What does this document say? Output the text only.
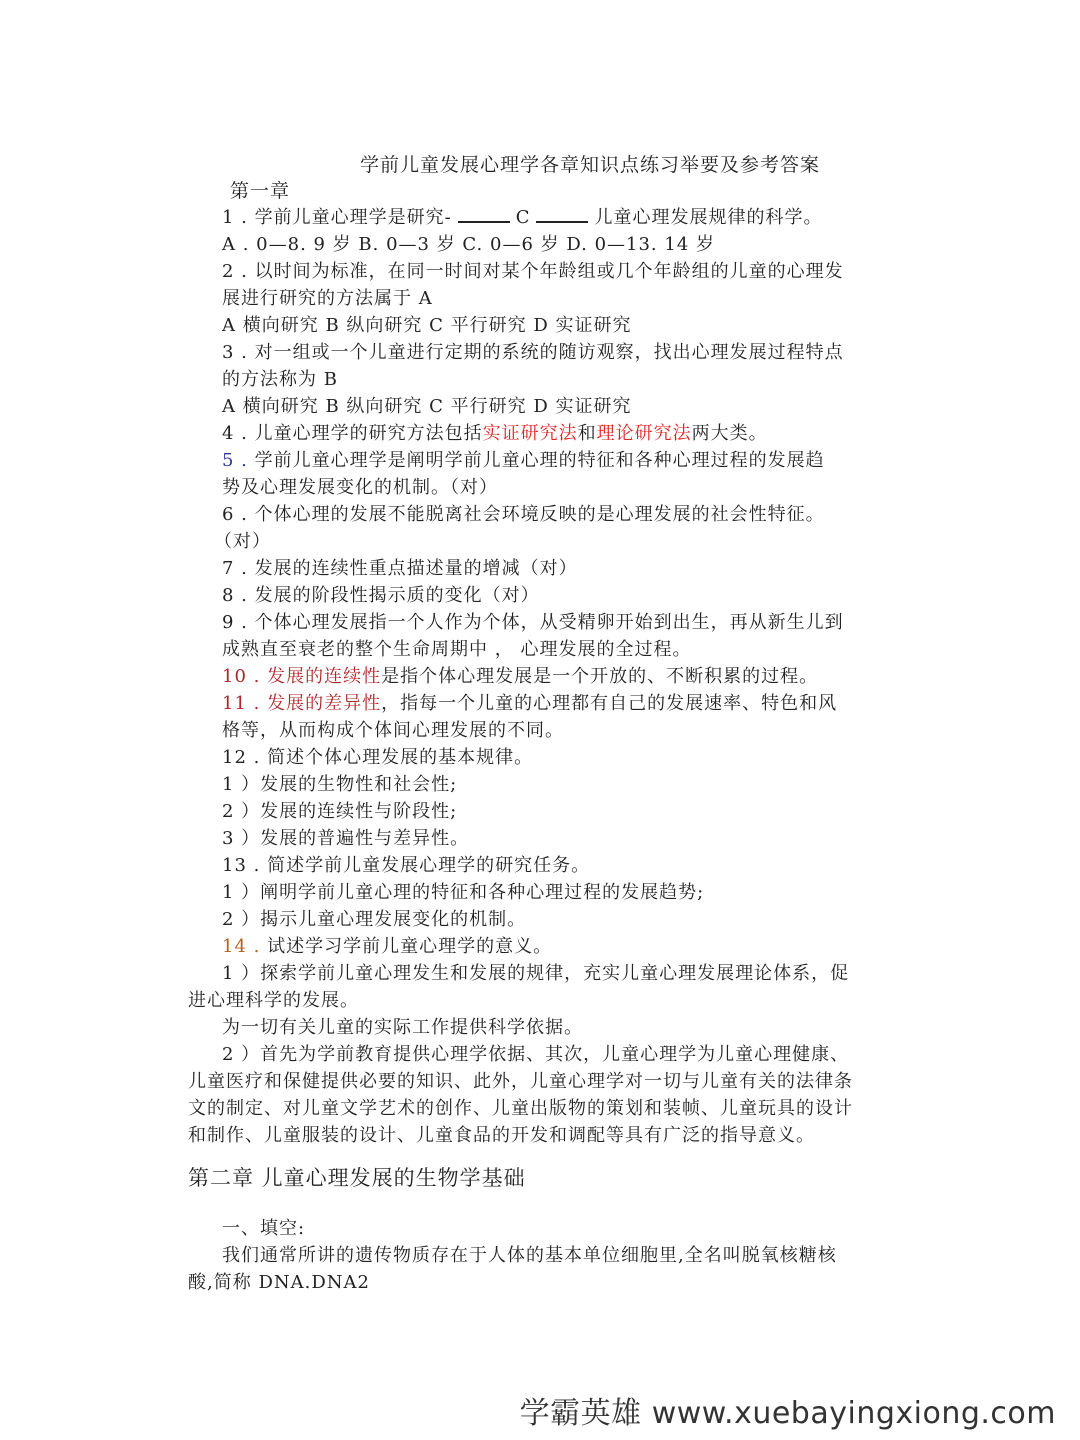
学前儿童发展心理学各章知识点练习举要及参考答案
第一章
1 . 学前儿童心理学是研究-	C	儿童心理发展规律的科学。
A . 0—8. 9 岁 B. 0—3 岁 C. 0—6 岁 D. 0—13. 14 岁
2 . 以时间为标准，在同一时间对某个年龄组或几个年龄组的儿童的心理发
展进行研究的方法属于 A
A 横向研究 B 纵向研究 C 平行研究 D 实证研究
3 . 对一组或一个儿童进行定期的系统的随访观察，找出心理发展过程特点
的方法称为 B
A 横向研究 B 纵向研究 C 平行研究 D 实证研究
4 . 儿童心理学的研究方法包括实证研究法和理论研究法两大类。
5 . 学前儿童心理学是阐明学前儿童心理的特征和各种心理过程的发展趋
势及心理发展变化的机制。（对）
6 . 个体心理的发展不能脱离社会环境反映的是心理发展的社会性特征。
（对）
7 . 发展的连续性重点描述量的增减（对）
8 . 发展的阶段性揭示质的变化（对）
9 . 个体心理发展指一个人作为个体，从受精卵开始到出生，再从新生儿到
成熟直至衰老的整个生命周期中 ， 心理发展的全过程。
10 . 发展的连续性是指个体心理发展是一个开放的、不断积累的过程。
11 . 发展的差异性，指每一个儿童的心理都有自己的发展速率、特色和风
格等，从而构成个体间心理发展的不同。
12 . 简述个体心理发展的基本规律。
1 ）发展的生物性和社会性;
2 ）发展的连续性与阶段性;
3 ）发展的普遍性与差异性。
13 . 简述学前儿童发展心理学的研究任务。
1 ）阐明学前儿童心理的特征和各种心理过程的发展趋势;
2 ）揭示儿童心理发展变化的机制。
14 . 试述学习学前儿童心理学的意义。
1 ）探索学前儿童心理发生和发展的规律，充实儿童心理发展理论体系，促
进心理科学的发展。
为一切有关儿童的实际工作提供科学依据。
2 ）首先为学前教育提供心理学依据、其次，儿童心理学为儿童心理健康、
儿童医疗和保健提供必要的知识、此外，儿童心理学对一切与儿童有关的法律条
文的制定、对儿童文学艺术的创作、儿童出版物的策划和装帧、儿童玩具的设计
和制作、儿童服装的设计、儿童食品的开发和调配等具有广泛的指导意义。
第二章 儿童心理发展的生物学基础
一、填空:
我们通常所讲的遗传物质存在于人体的基本单位细胞里,全名叫脱氧核糖核
酸,简称 DNA.DNA2
学霸英雄 www.xuebayingxiong.com
